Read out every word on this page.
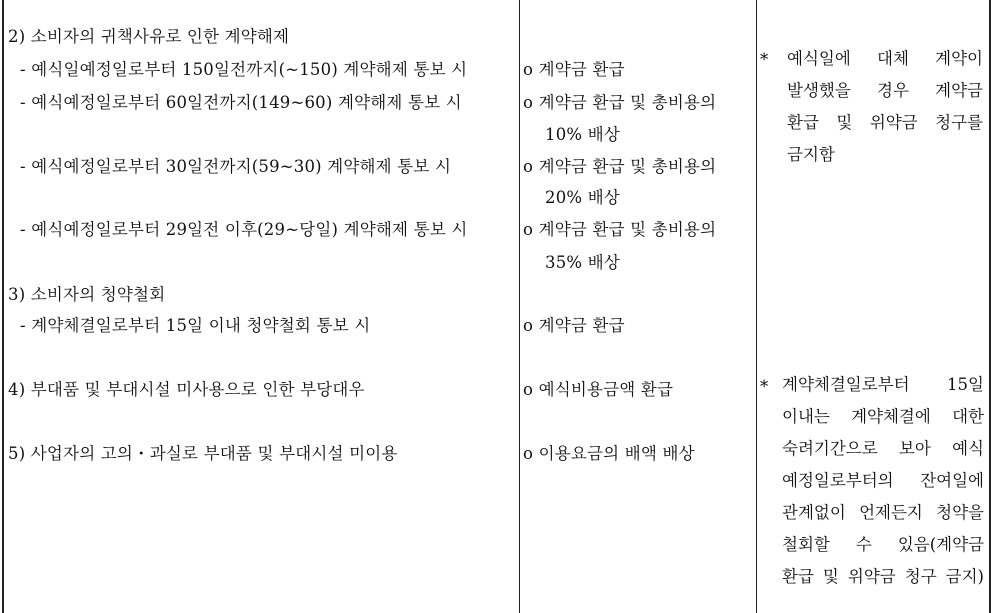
2) 소비자의 귀책사유로 인한 계약해제
- 예식일예정일로부터 150일전까지(~150) 계약해제 통보 시
- 예식예정일로부터 60일전까지(149~60) 계약해제 통보 시
- 예식예정일로부터 30일전까지(59~30) 계약해제 통보 시
- 예식예정일로부터 29일전 이후(29~당일) 계약해제 통보 시
3) 소비자의 청약철회
- 계약체결일로부터 15일 이내 청약철회 통보 시
4) 부대품 및 부대시설 미사용으로 인한 부당대우
5) 사업자의 고의・과실로 부대품 및 부대시설 미이용
o 계약금 환급
o 계약금 환급 및 총비용의
10% 배상
o 계약금 환급 및 총비용의
20% 배상
o 계약금 환급 및 총비용의
35% 배상
o 계약금 환급
o 예식비용금액 환급
o 이용요금의 배액 배상
* 예식일에 대체 계약이
발생했을 경우 계약금
환급 및 위약금 청구를
금지함
* 계약체결일로부터 15일
이내는 계약체결에 대한
숙려기간으로 보아 예식
예정일로부터의 잔여일에
관계없이 언제든지 청약을
철회할 수 있음(계약금
환급 및 위약금 청구 금지)
